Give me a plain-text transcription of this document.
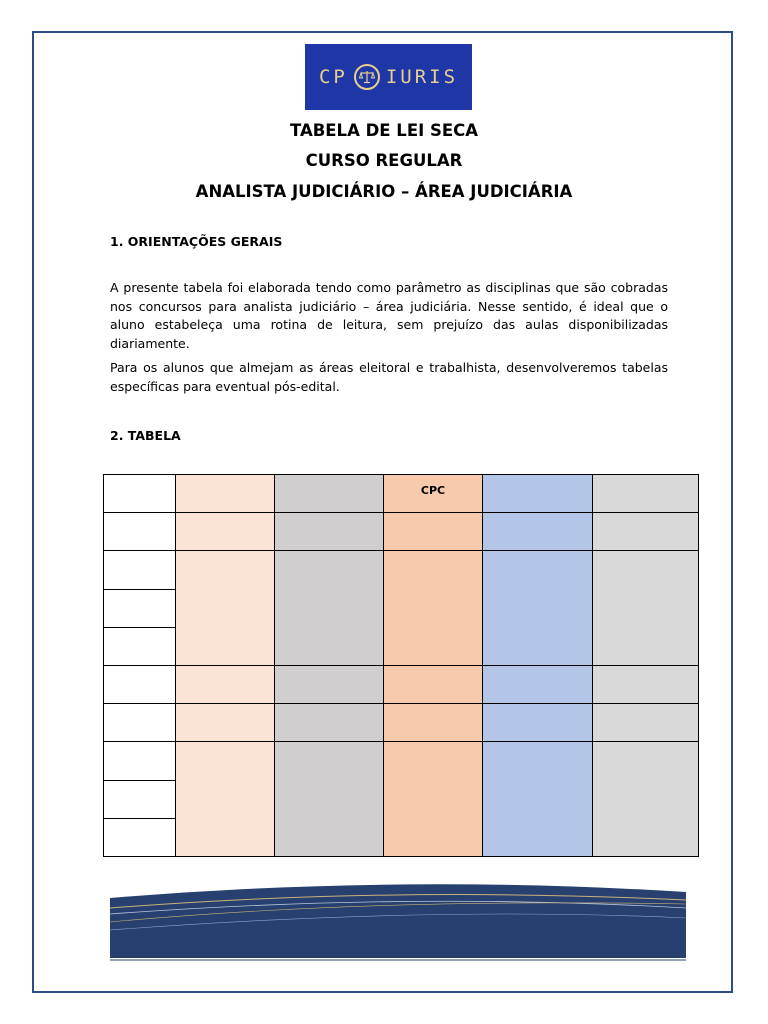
CP IURIS
TABELA DE LEI SECA
CURSO REGULAR
ANALISTA JUDICIÁRIO – ÁREA JUDICIÁRIA
1. ORIENTAÇÕES GERAIS
A presente tabela foi elaborada tendo como parâmetro as disciplinas que são cobradas nos concursos para analista judiciário – área judiciária. Nesse sentido, é ideal que o aluno estabeleça uma rotina de leitura, sem prejuízo das aulas disponibilizadas diariamente.
Para os alunos que almejam as áreas eleitoral e trabalhista, desenvolveremos tabelas específicas para eventual pós-edital.
2. TABELA
			CPC		
